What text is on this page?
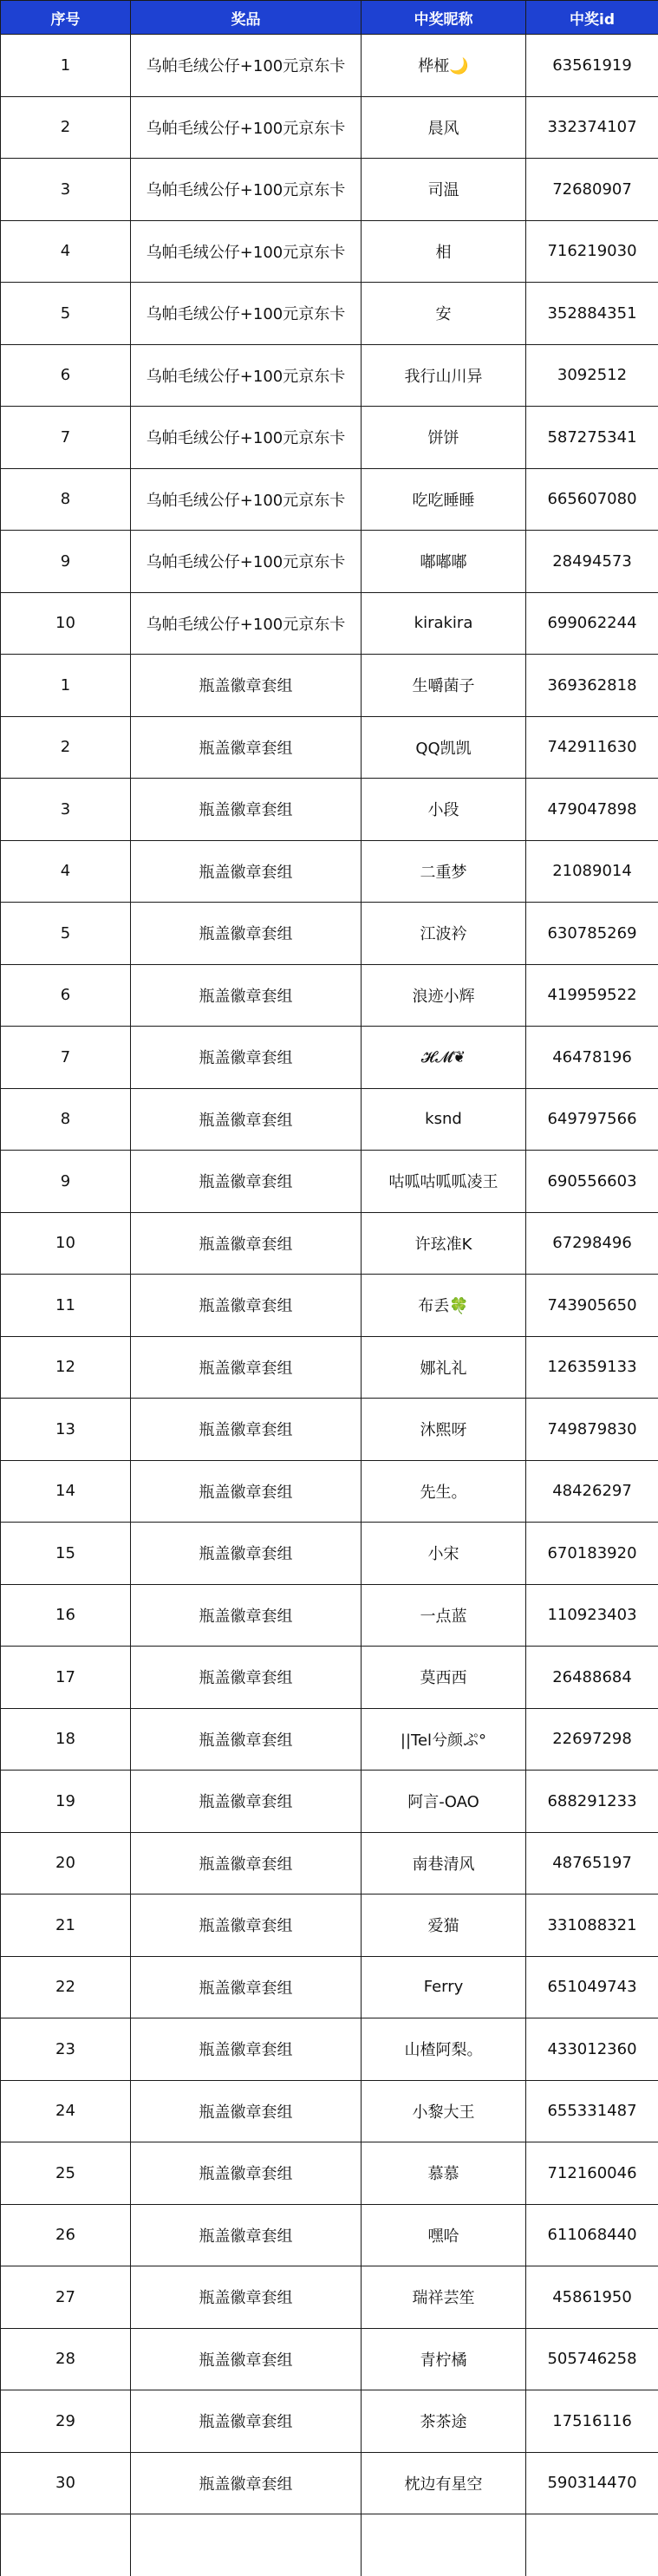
序号	奖品	中奖昵称	中奖id
1	乌帕毛绒公仔+100元京东卡	桦桠🌙	63561919
2	乌帕毛绒公仔+100元京东卡	晨风	332374107
3	乌帕毛绒公仔+100元京东卡	司温	72680907
4	乌帕毛绒公仔+100元京东卡	相	716219030
5	乌帕毛绒公仔+100元京东卡	安	352884351
6	乌帕毛绒公仔+100元京东卡	我行山川异	3092512
7	乌帕毛绒公仔+100元京东卡	饼饼	587275341
8	乌帕毛绒公仔+100元京东卡	吃吃睡睡	665607080
9	乌帕毛绒公仔+100元京东卡	嘟嘟嘟	28494573
10	乌帕毛绒公仔+100元京东卡	kirakira	699062244
1	瓶盖徽章套组	生嚼菌子	369362818
2	瓶盖徽章套组	QQ凯凯	742911630
3	瓶盖徽章套组	小段	479047898
4	瓶盖徽章套组	二重梦	21089014
5	瓶盖徽章套组	江波衿	630785269
6	瓶盖徽章套组	浪迹小辉	419959522
7	瓶盖徽章套组	𝓗𝓜❦	46478196
8	瓶盖徽章套组	ksnd	649797566
9	瓶盖徽章套组	咕呱咕呱呱凌王	690556603
10	瓶盖徽章套组	许玹准K	67298496
11	瓶盖徽章套组	布丢🍀	743905650
12	瓶盖徽章套组	娜礼礼	126359133
13	瓶盖徽章套组	沐熙呀	749879830
14	瓶盖徽章套组	先生。	48426297
15	瓶盖徽章套组	小宋	670183920
16	瓶盖徽章套组	一点蓝	110923403
17	瓶盖徽章套组	莫西西	26488684
18	瓶盖徽章套组	||Tel兮颜ぷ°	22697298
19	瓶盖徽章套组	阿言-OAO	688291233
20	瓶盖徽章套组	南巷清风	48765197
21	瓶盖徽章套组	爱猫	331088321
22	瓶盖徽章套组	Ferry	651049743
23	瓶盖徽章套组	山楂阿梨。	433012360
24	瓶盖徽章套组	小黎大王	655331487
25	瓶盖徽章套组	慕慕	712160046
26	瓶盖徽章套组	嘿哈	611068440
27	瓶盖徽章套组	瑞祥芸笙	45861950
28	瓶盖徽章套组	青柠橘	505746258
29	瓶盖徽章套组	茶茶途	17516116
30	瓶盖徽章套组	枕边有星空	590314470
